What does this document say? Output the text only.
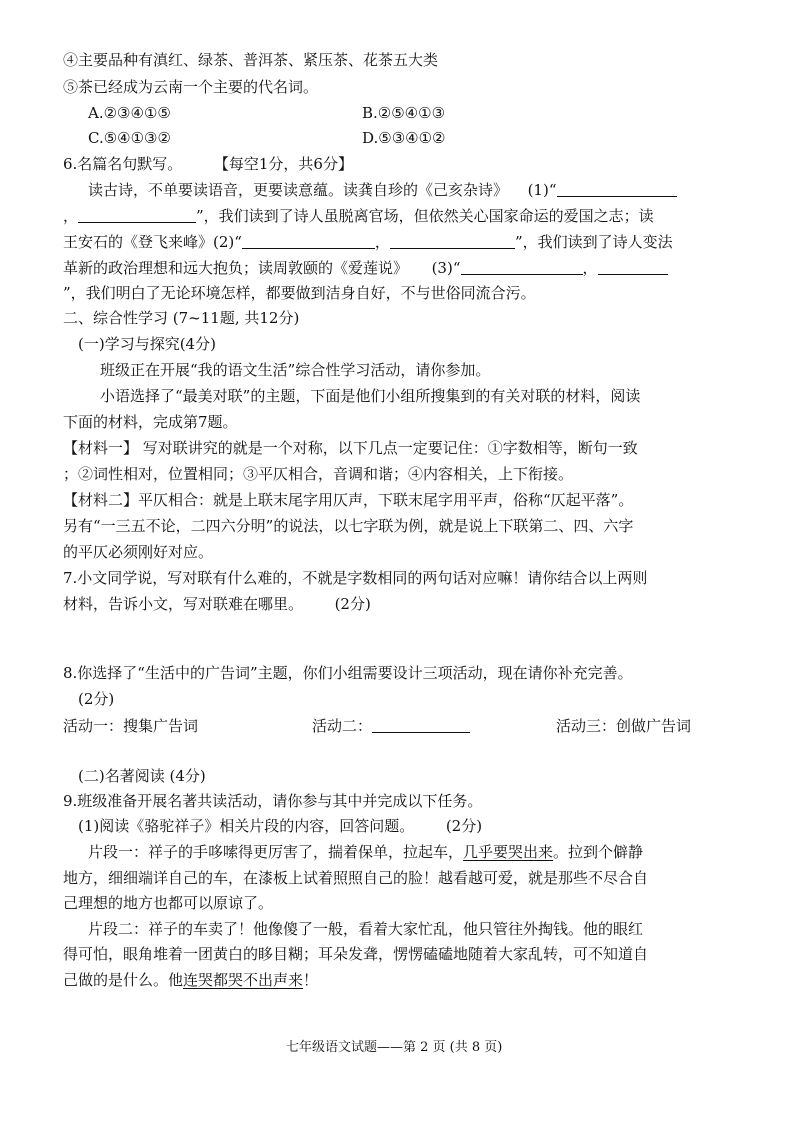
④主要品种有滇红、绿茶、普洱茶、紧压茶、花茶五大类
⑤茶已经成为云南一个主要的代名词。
A.②③④①⑤	B.②⑤④①③
C.⑤④①③②	D.⑤③④①②
6.名篇名句默写。 【每空1分，共6分】
读古诗，不单要读语音，更要读意蕴。读龚自珍的《己亥杂诗》 (1)“
，	”，我们读到了诗人虽脱离官场，但依然关心国家命运的爱国之志；读
王安石的《登飞来峰》(2)“	，	”，我们读到了诗人变法
革新的政治理想和远大抱负；读周敦颐的《爱莲说》 (3)“	，
”，我们明白了无论环境怎样，都要做到洁身自好，不与世俗同流合污。
二、综合性学习 (7~11题, 共12分)
(一)学习与探究(4分)
班级正在开展“我的语文生活”综合性学习活动，请你参加。
小语选择了“最美对联”的主题，下面是他们小组所搜集到的有关对联的材料，阅读
下面的材料，完成第7题。
【材料一】 写对联讲究的就是一个对称，以下几点一定要记住：①字数相等，断句一致
；②词性相对，位置相同；③平仄相合，音调和谐；④内容相关，上下衔接。
【材料二】平仄相合：就是上联末尾字用仄声，下联末尾字用平声，俗称“仄起平落”。
另有“一三五不论，二四六分明”的说法，以七字联为例，就是说上下联第二、四、六字
的平仄必须刚好对应。
7.小文同学说，写对联有什么难的，不就是字数相同的两句话对应嘛！请你结合以上两则
材料，告诉小文，写对联难在哪里。 (2分)
8.你选择了“生活中的广告词”主题，你们小组需要设计三项活动，现在请你补充完善。
(2分)
活动一：搜集广告词	活动二：	活动三：创做广告词
(二)名著阅读 (4分)
9.班级准备开展名著共读活动，请你参与其中并完成以下任务。
(1)阅读《骆驼祥子》相关片段的内容，回答问题。 (2分)
片段一：祥子的手哆嗦得更厉害了，揣着保单，拉起车，几乎要哭出来。拉到个僻静
地方，细细端详自己的车，在漆板上试着照照自己的脸！越看越可爱，就是那些不尽合自
己理想的地方也都可以原谅了。
片段二：祥子的车卖了！他像傻了一般，看着大家忙乱，他只管往外掏钱。他的眼红
得可怕，眼角堆着一团黄白的眵目糊；耳朵发聋，愣愣磕磕地随着大家乱转，可不知道自
己做的是什么。他连哭都哭不出声来！
七年级语文试题——第 2 页 (共 8 页)
